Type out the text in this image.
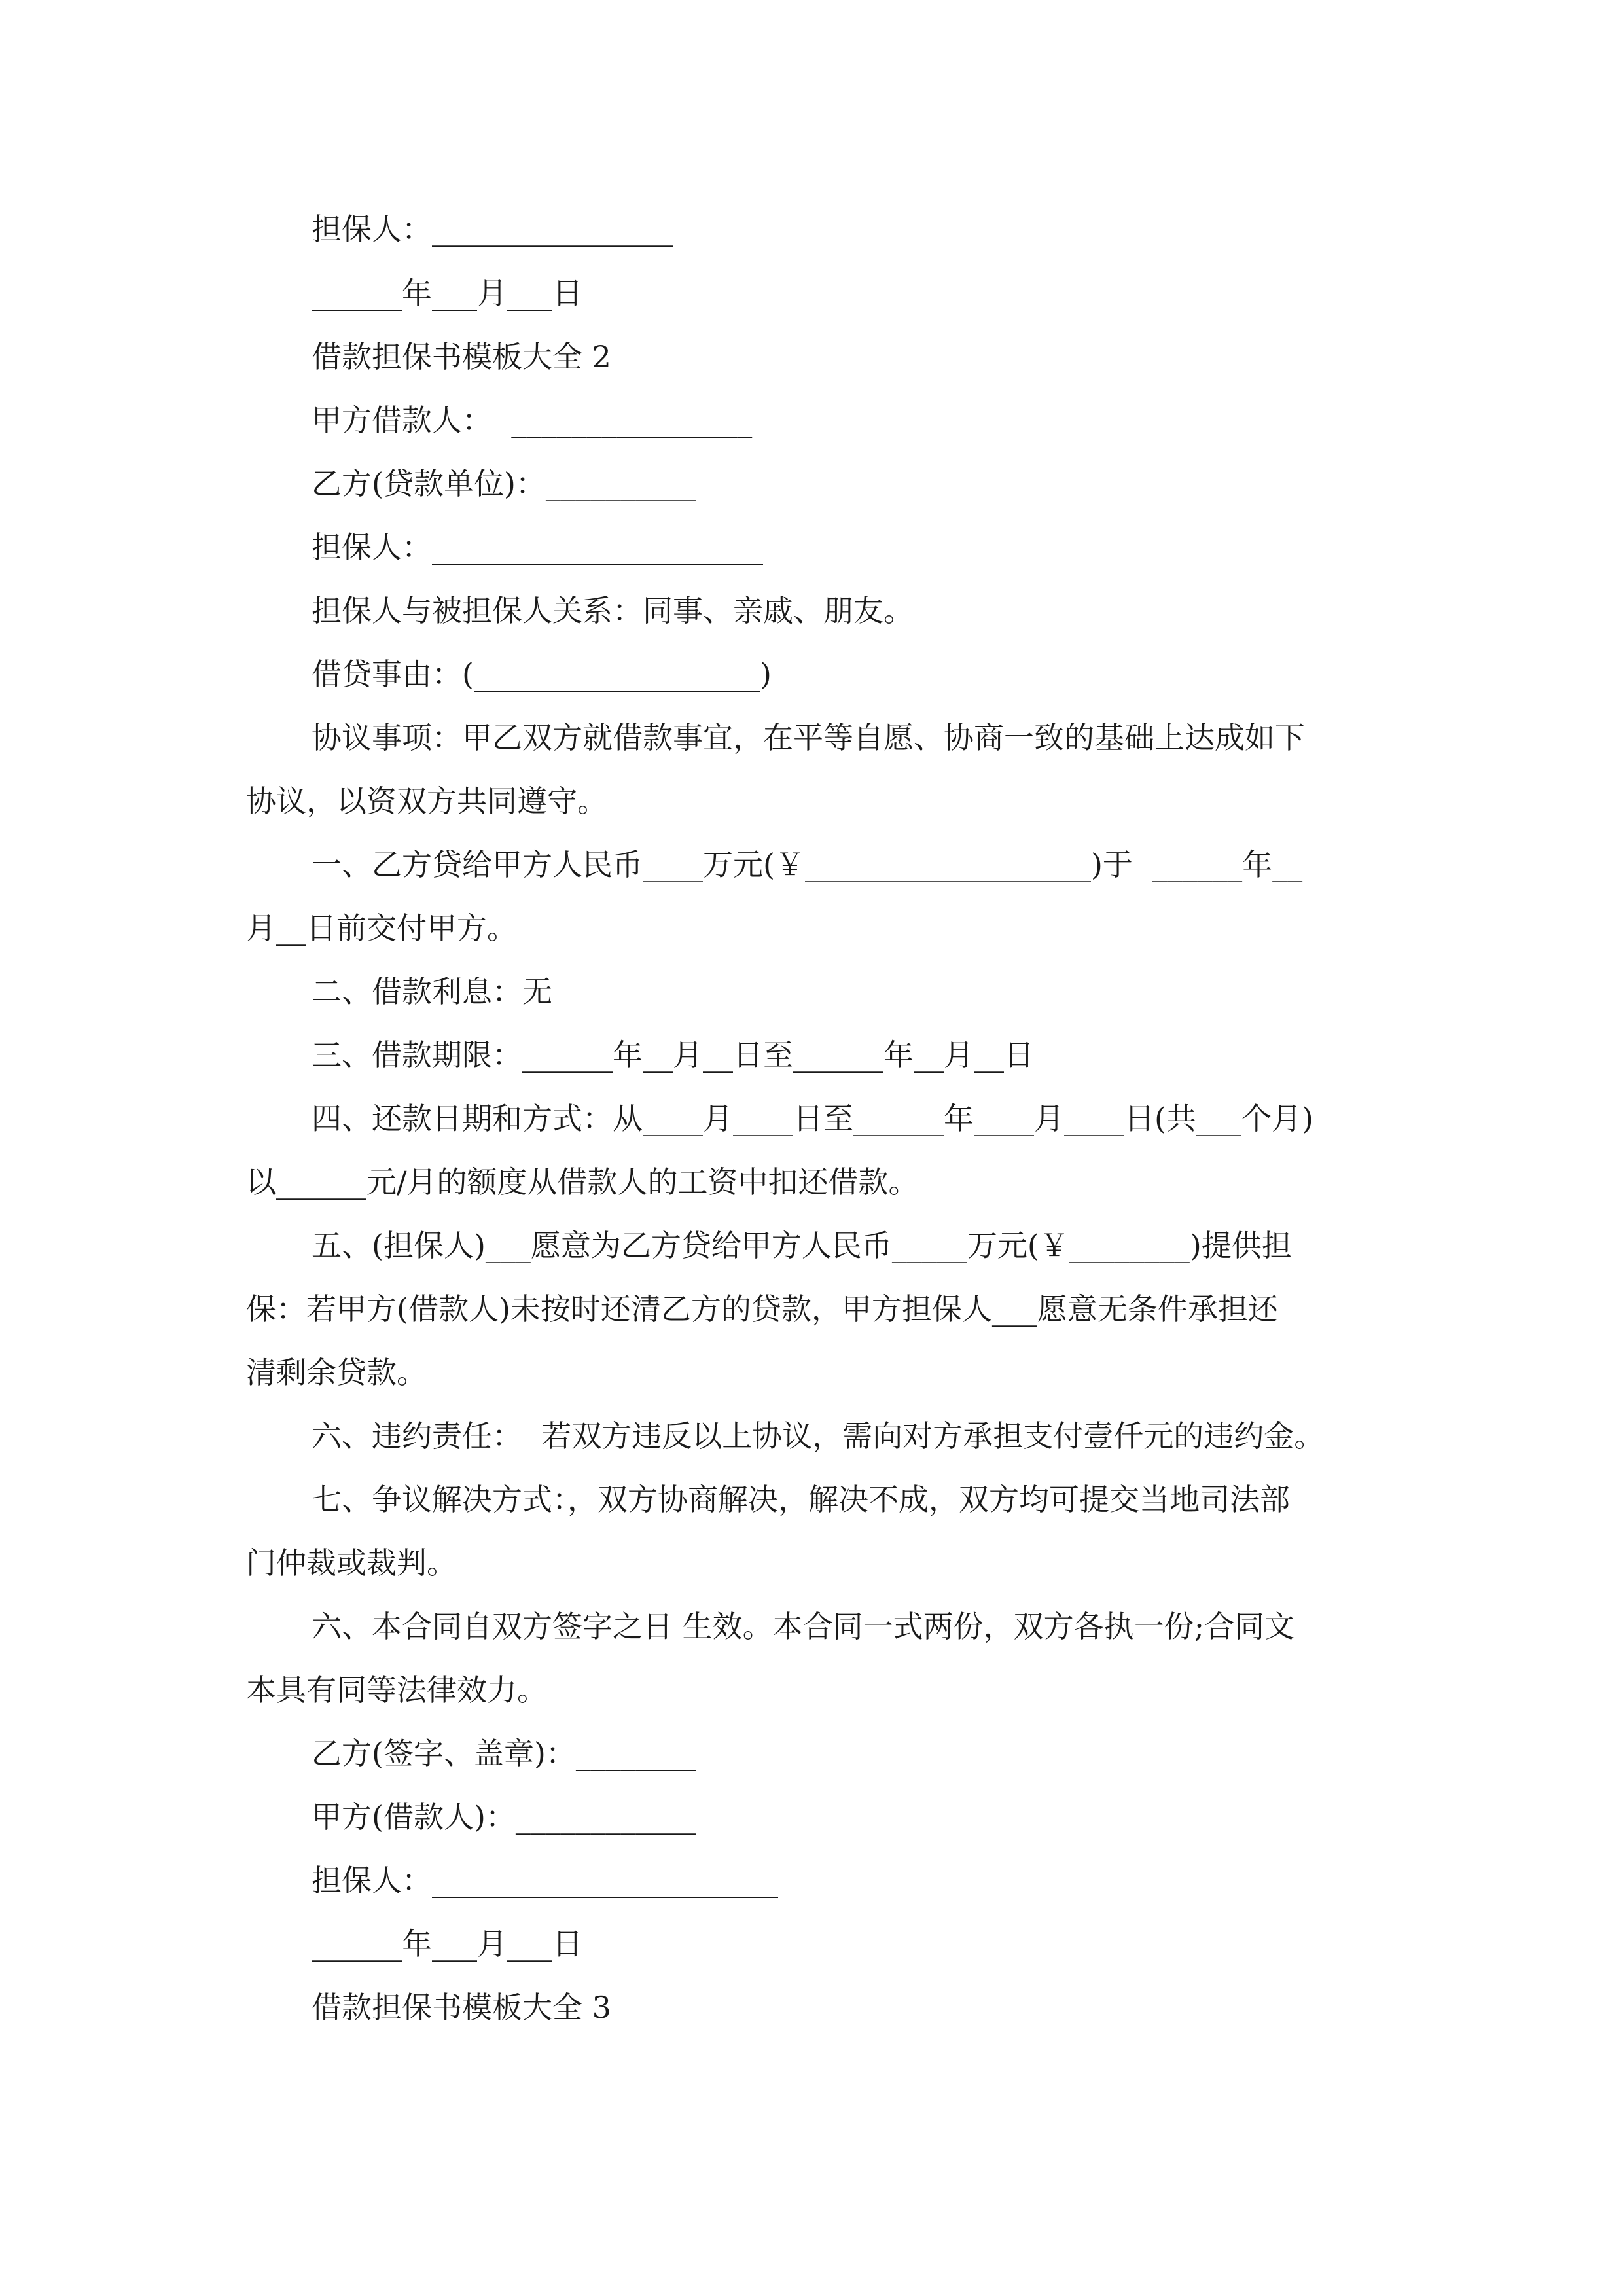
担保人：________________
______年___月___日
借款担保书模板大全 2
甲方借款人：  ________________
乙方(贷款单位)：__________
担保人：______________________
担保人与被担保人关系：同事、亲戚、朋友。
借贷事由：(___________________)
协议事项：甲乙双方就借款事宜，在平等自愿、协商一致的基础上达成如下
协议，以资双方共同遵守。
一、乙方贷给甲方人民币____万元(￥___________________)于  ______年__
月__日前交付甲方。
二、借款利息：无
三、借款期限：______年__月__日至______年__月__日
四、还款日期和方式：从____月____日至______年____月____日(共___个月)
以______元/月的额度从借款人的工资中扣还借款。
五、(担保人)___愿意为乙方贷给甲方人民币_____万元(￥________)提供担
保：若甲方(借款人)未按时还清乙方的贷款，甲方担保人___愿意无条件承担还
清剩余贷款。
六、违约责任：  若双方违反以上协议，需向对方承担支付壹仟元的违约金。
七、争议解决方式：，双方协商解决，解决不成，双方均可提交当地司法部
门仲裁或裁判。
六、本合同自双方签字之日 生效。本合同一式两份，双方各执一份;合同文
本具有同等法律效力。
乙方(签字、盖章)：________
甲方(借款人)：____________
担保人：_______________________
______年___月___日
借款担保书模板大全 3
